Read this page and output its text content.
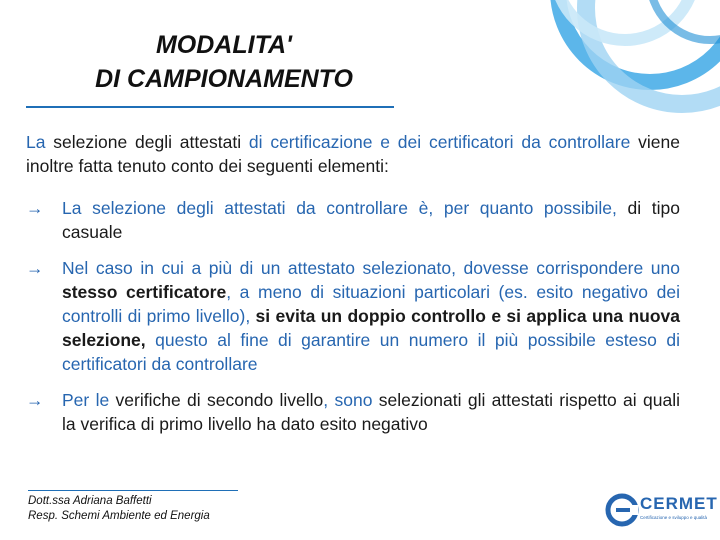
MODALITA'
DI CAMPIONAMENTO

La selezione degli attestati di certificazione e dei certificatori da controllare viene inoltre fatta tenuto conto dei seguenti elementi:

→ La selezione degli attestati da controllare è, per quanto possibile, di tipo casuale
→ Nel caso in cui a più di un attestato selezionato, dovesse corrispondere uno stesso certificatore, a meno di situazioni particolari (es. esito negativo dei controlli di primo livello), si evita un doppio controllo e si applica una nuova selezione, questo al fine di garantire un numero il più possibile esteso di certificatori da controllare
→ Per le verifiche di secondo livello, sono selezionati gli attestati rispetto ai quali la verifica di primo livello ha dato esito negativo
Dott.ssa Adriana Baffetti
Resp. Schemi Ambiente ed Energia
CERMET
Certificazione e sviluppo e qualità
